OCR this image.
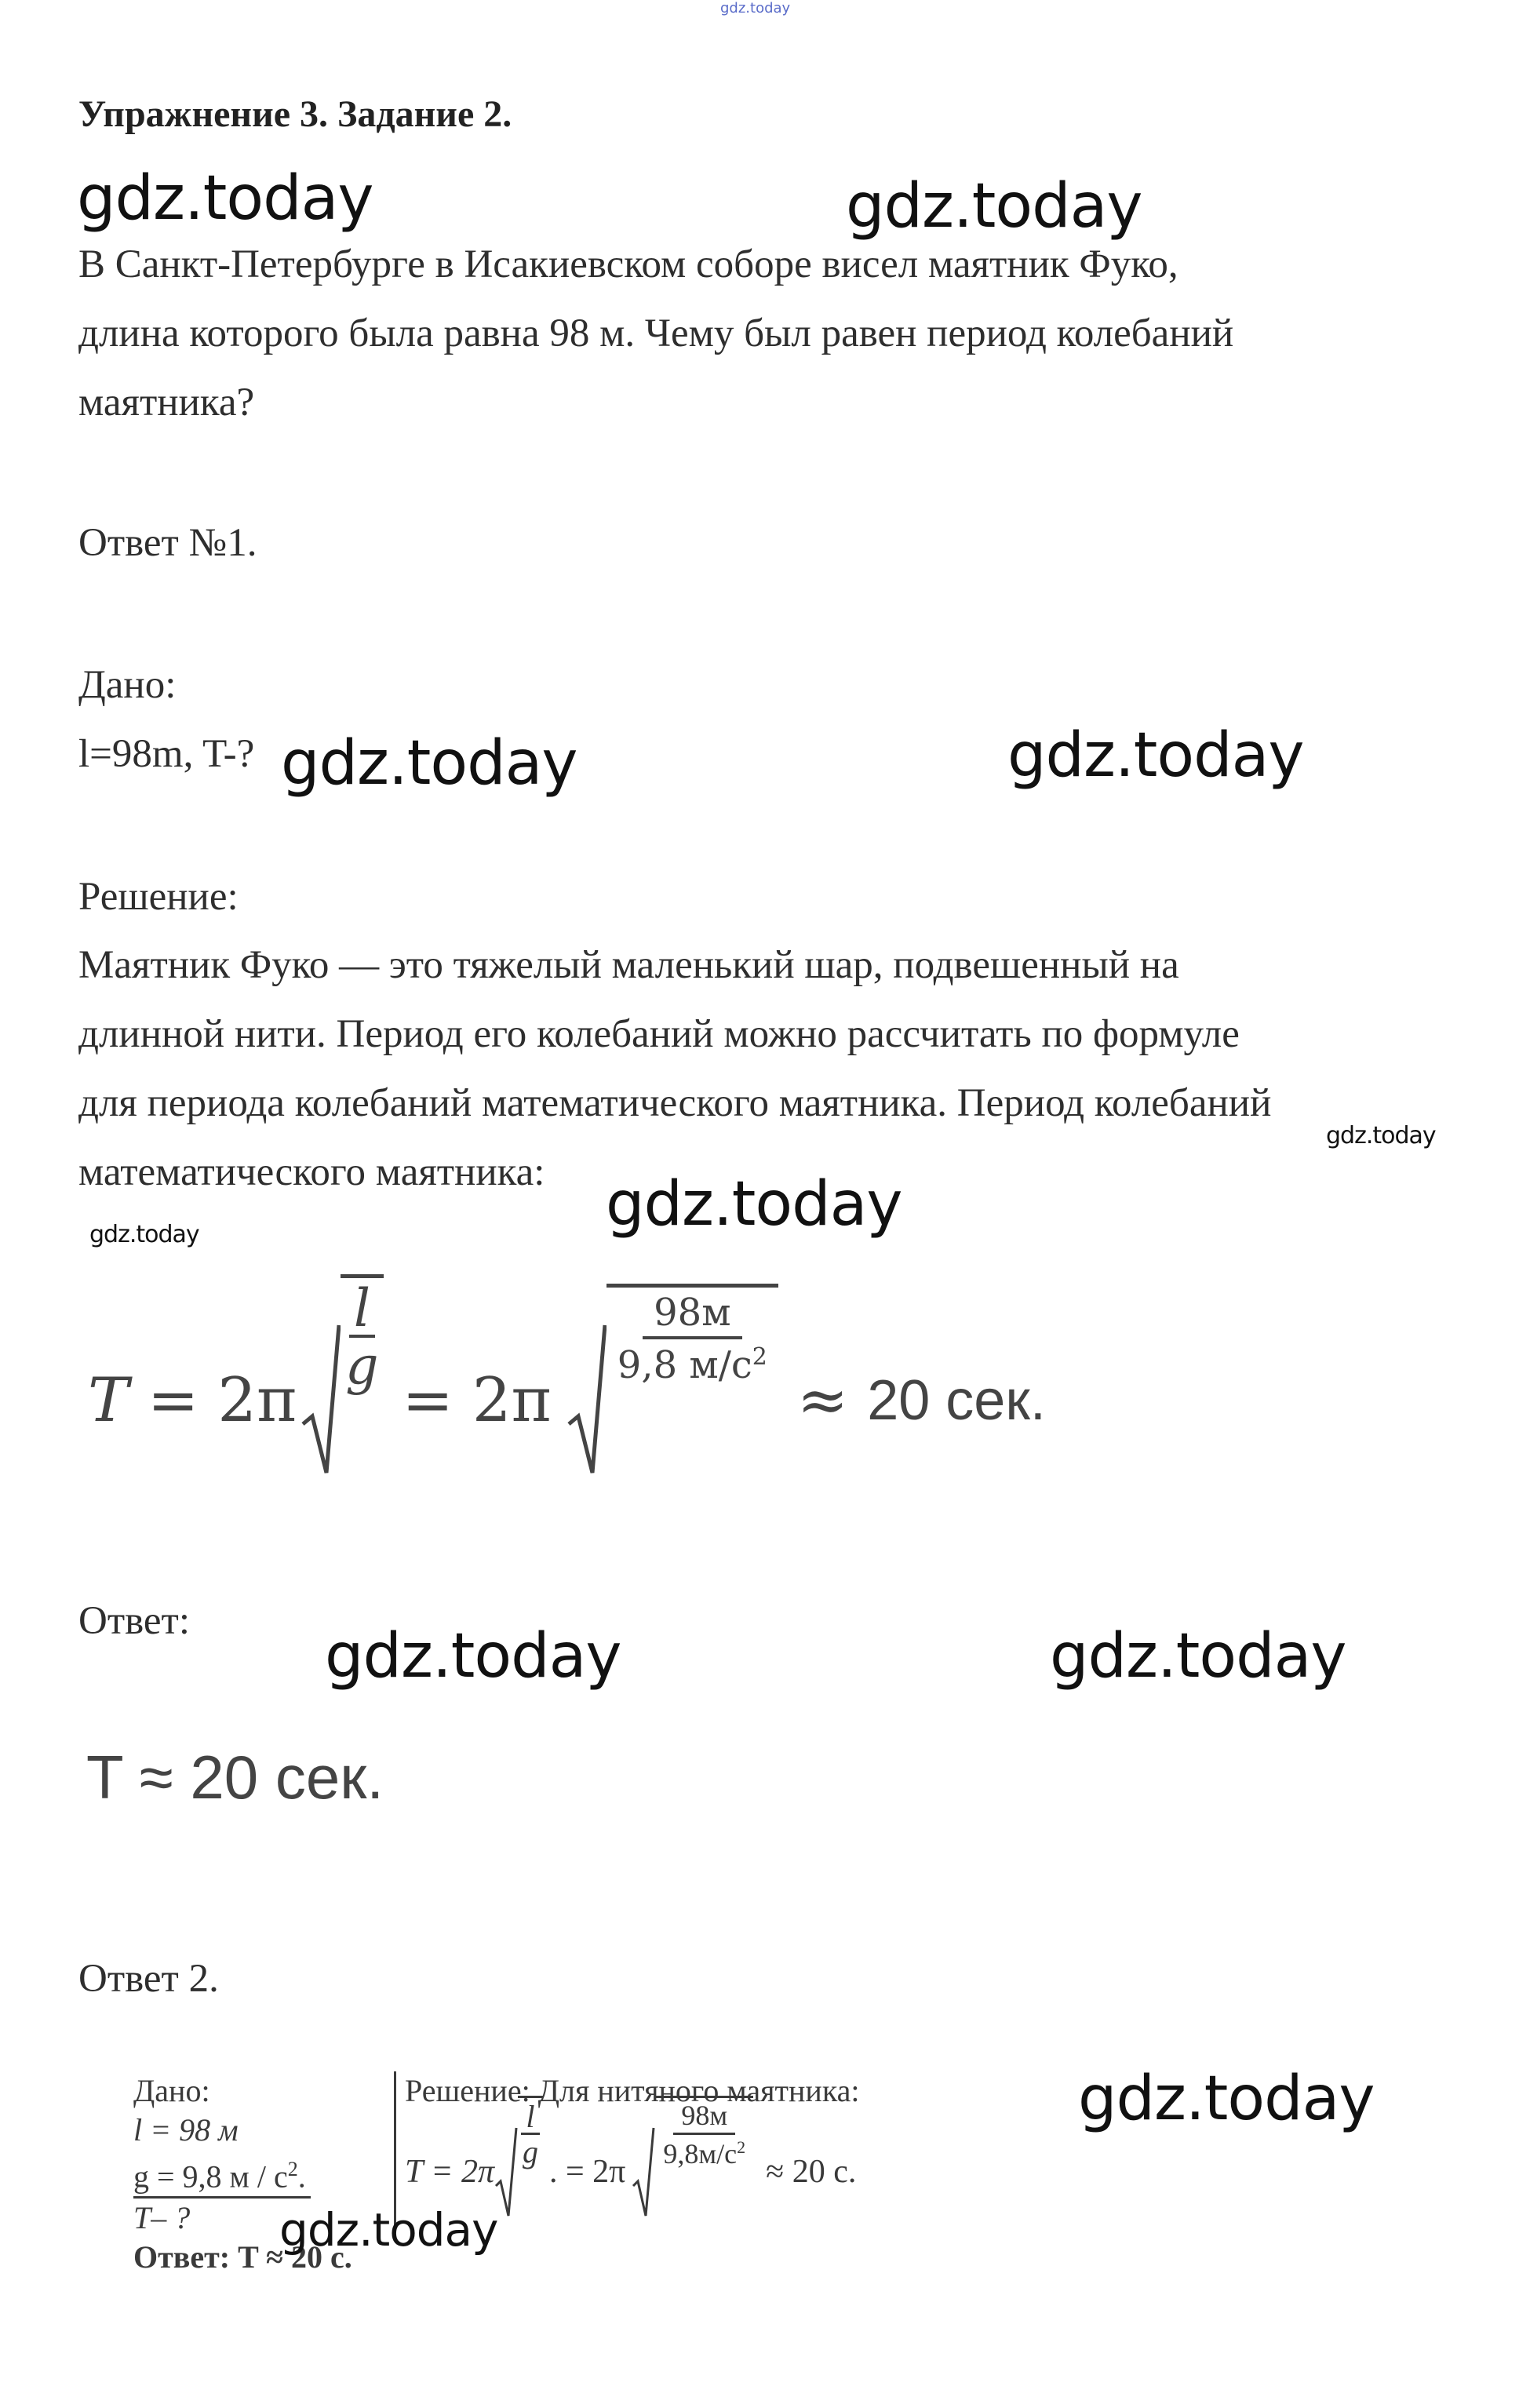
gdz.today
Упражнение 3. Задание 2.
В Санкт-Петербурге в Исакиевском соборе висел маятник Фуко,
длина которого была равна 98 м. Чему был равен период колебаний
маятника?
Ответ №1.
Дано:
l=98m, T-?
Решение:
Маятник Фуко — это тяжелый маленький шар, подвешенный на
длинной нити. Период его колебаний можно рассчитать по формуле
для периода колебаний математического маятника. Период колебаний
математического маятника:
T = 2π
$\frac{l}{g}$
= 2π
$\frac{98м}{9,8 м/с^2}$
≈ 20 сек.
Ответ:
T ≈ 20 сек.
Ответ 2.
Дано:
l = 98 м
g = 9,8 м / $с^2$.
T– ?
Ответ: T ≈ 20 с.
Решение: Для нитяного маятника:
T = 2π
$\frac{l}{g}$
. = 2π
$\frac{98м}{9,8м/с^2}$
≈ 20 с.
gdz.today	gdz.today
gdz.today	gdz.today
gdz.today
gdz.today
gdz.today
gdz.today	gdz.today
gdz.today
gdz.today
